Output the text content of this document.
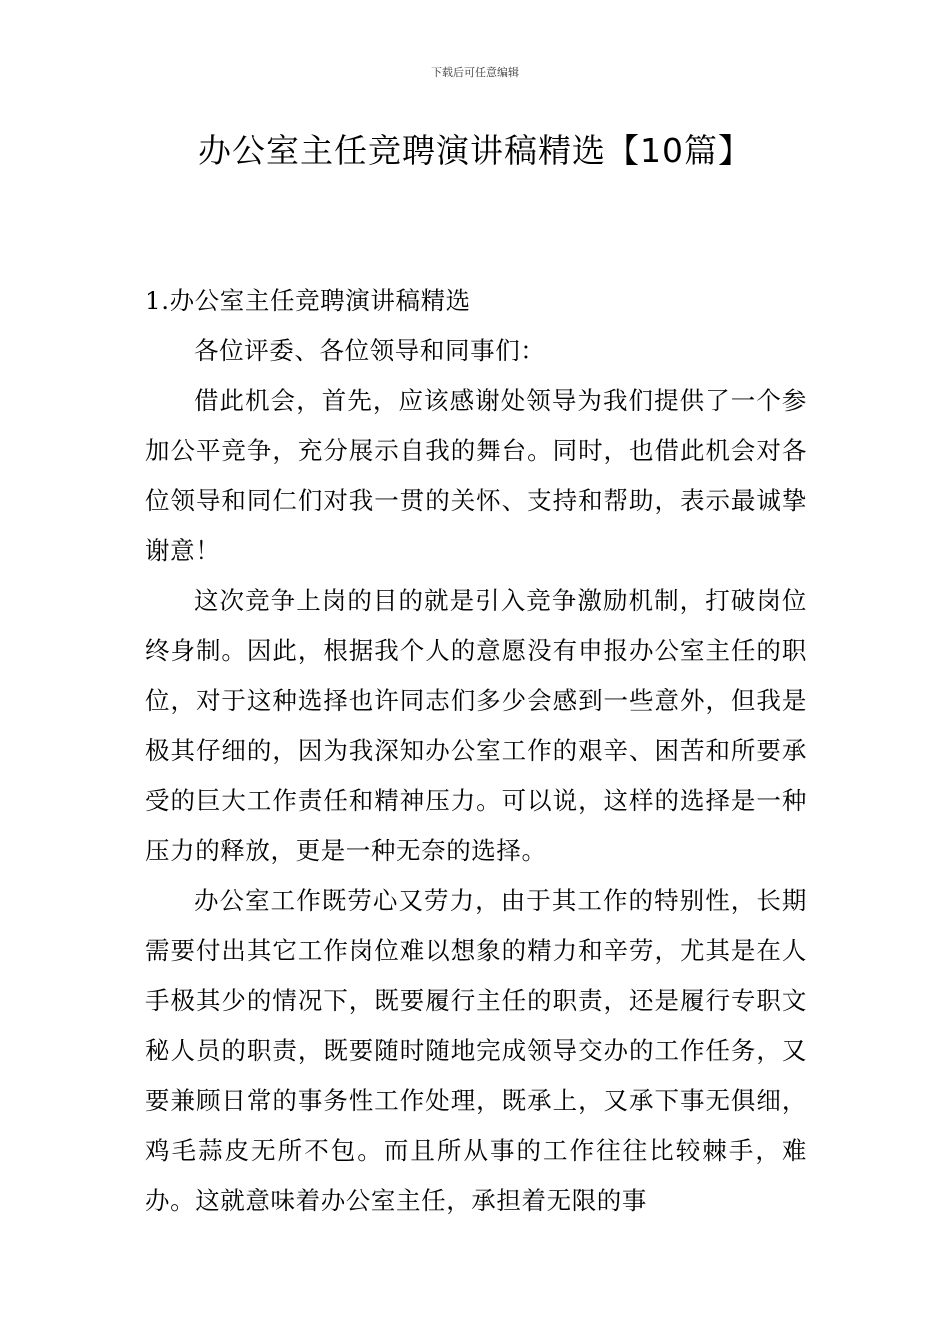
下载后可任意编辑
办公室主任竞聘演讲稿精选【10篇】

1.办公室主任竞聘演讲稿精选

各位评委、各位领导和同事们：

借此机会，首先，应该感谢处领导为我们提供了一个参加公平竞争，充分展示自我的舞台。同时，也借此机会对各位领导和同仁们对我一贯的关怀、支持和帮助，表示最诚挚谢意！

这次竞争上岗的目的就是引入竞争激励机制，打破岗位终身制。因此，根据我个人的意愿没有申报办公室主任的职位，对于这种选择也许同志们多少会感到一些意外，但我是极其仔细的，因为我深知办公室工作的艰辛、困苦和所要承受的巨大工作责任和精神压力。可以说，这样的选择是一种压力的释放，更是一种无奈的选择。

办公室工作既劳心又劳力，由于其工作的特别性，长期需要付出其它工作岗位难以想象的精力和辛劳，尤其是在人手极其少的情况下，既要履行主任的职责，还是履行专职文秘人员的职责，既要随时随地完成领导交办的工作任务，又要兼顾日常的事务性工作处理，既承上，又承下事无俱细，鸡毛蒜皮无所不包。而且所从事的工作往往比较棘手，难办。这就意味着办公室主任，承担着无限的事
